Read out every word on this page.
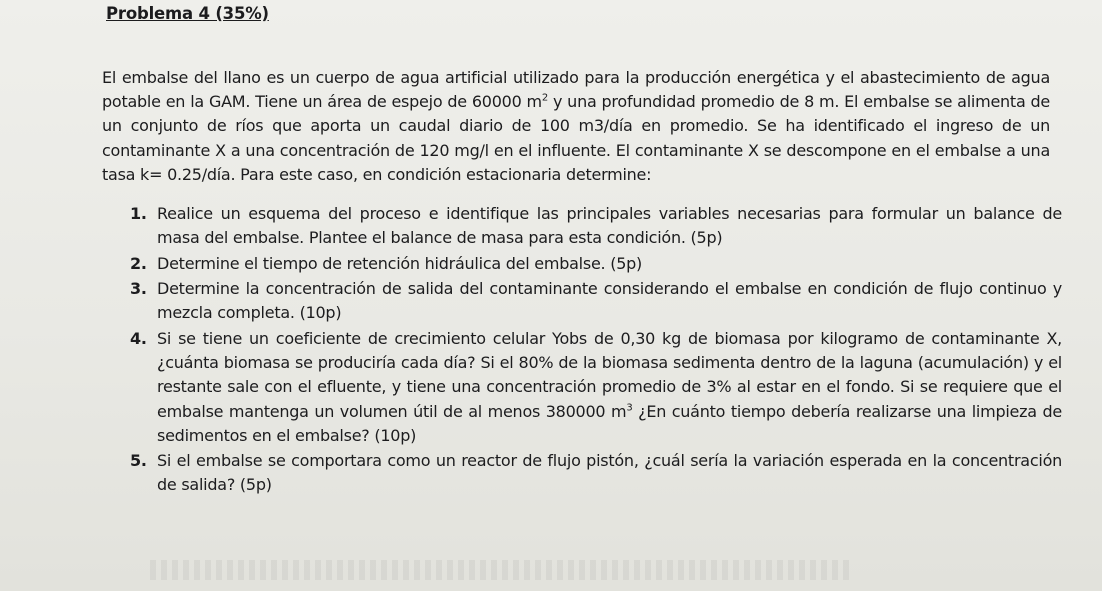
Problema 4 (35%)

El embalse del llano es un cuerpo de agua artificial utilizado para la producción energética y el abastecimiento de agua potable en la GAM. Tiene un área de espejo de 60000 $m^2$ y una profundidad promedio de 8 m. El embalse se alimenta de un conjunto de ríos que aporta un caudal diario de 100 m3/día en promedio. Se ha identificado el ingreso de un contaminante X a una concentración de 120 mg/l en el influente. El contaminante X se descompone en el embalse a una tasa k= 0.25/día. Para este caso, en condición estacionaria determine:

1. Realice un esquema del proceso e identifique las principales variables necesarias para formular un balance de masa del embalse. Plantee el balance de masa para esta condición. (5p)
2. Determine el tiempo de retención hidráulica del embalse. (5p)
3. Determine la concentración de salida del contaminante considerando el embalse en condición de flujo continuo y mezcla completa. (10p)
4. Si se tiene un coeficiente de crecimiento celular Yobs de 0,30 kg de biomasa por kilogramo de contaminante X, ¿cuánta biomasa se produciría cada día? Si el 80% de la biomasa sedimenta dentro de la laguna (acumulación) y el restante sale con el efluente, y tiene una concentración promedio de 3% al estar en el fondo. Si se requiere que el embalse mantenga un volumen útil de al menos 380000 $m^3$ ¿En cuánto tiempo debería realizarse una limpieza de sedimentos en el embalse? (10p)
5. Si el embalse se comportara como un reactor de flujo pistón, ¿cuál sería la variación esperada en la concentración de salida? (5p)
